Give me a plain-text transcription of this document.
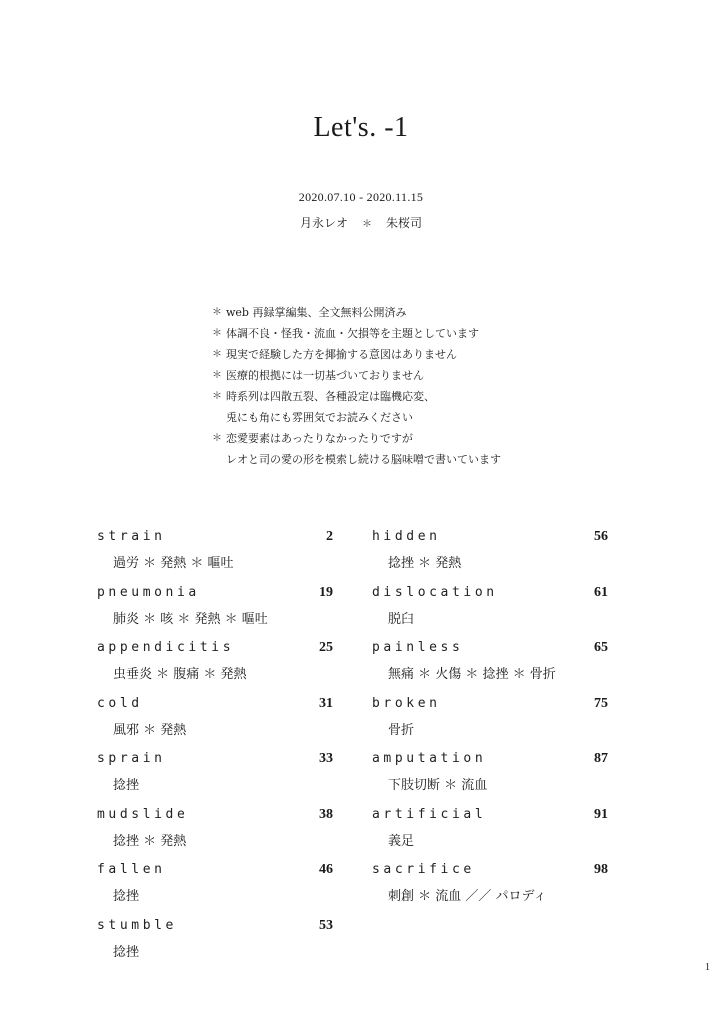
Let's. -1
2020.07.10 - 2020.11.15
月永レオ ＊ 朱桜司
＊ web 再録掌編集、全文無料公開済み
＊ 体調不良・怪我・流血・欠損等を主題としています
＊ 現実で経験した方を揶揄する意図はありません
＊ 医療的根拠には一切基づいておりません
＊ 時系列は四散五裂、各種設定は臨機応変、
兎にも角にも雰囲気でお読みください
＊ 恋愛要素はあったりなかったりですが
レオと司の愛の形を模索し続ける脳味噌で書いています
strain	2
過労 ＊ 発熱 ＊ 嘔吐
pneumonia	19
肺炎 ＊ 咳 ＊ 発熱 ＊ 嘔吐
appendicitis	25
虫垂炎 ＊ 腹痛 ＊ 発熱
cold	31
風邪 ＊ 発熱
sprain	33
捻挫
mudslide	38
捻挫 ＊ 発熱
fallen	46
捻挫
stumble	53
捻挫
hidden	56
捻挫 ＊ 発熱
dislocation	61
脱臼
painless	65
無痛 ＊ 火傷 ＊ 捻挫 ＊ 骨折
broken	75
骨折
amputation	87
下肢切断 ＊ 流血
artificial	91
義足
sacrifice	98
刺創 ＊ 流血 ／／ パロディ
1
